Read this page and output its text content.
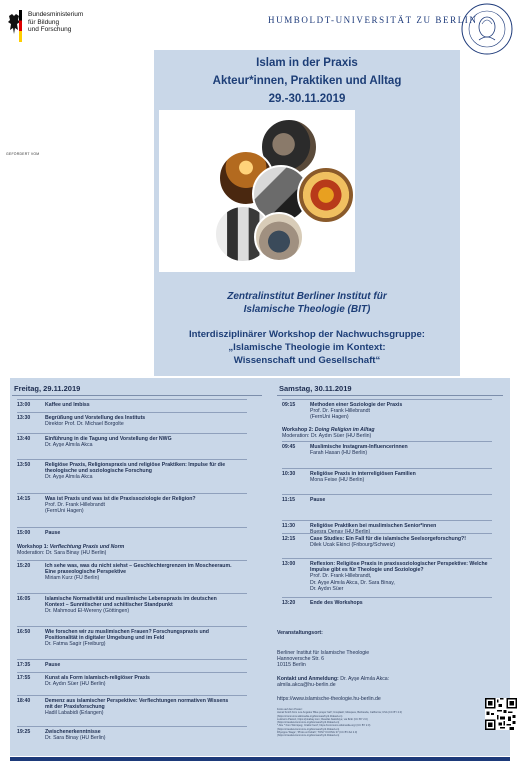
Bundesministerium
für Bildung
und Forschung
GEFÖRDERT VOM
HUMBOLDT-UNIVERSITÄT ZU BERLIN
Islam in der Praxis
Akteur*innen, Praktiken und Alltag
29.-30.11.2019
Zentralinstitut Berliner Institut für
Islamische Theologie (BIT)
Interdisziplinärer Workshop der Nachwuchsgruppe:
„Islamische Theologie im Kontext:
Wissenschaft und Gesellschaft“
Freitag, 29.11.2019	Samstag, 30.11.2019
13:00	Kaffee und Imbiss
13:30	Begrüßung und Vorstellung des Instituts
Direktor Prof. Dr. Michael Borgolte
13:40	Einführung in die Tagung und Vorstellung der NWG
Dr. Ayşe Almıla Akca
13:50	Religiöse Praxis, Religionspraxis und religiöse Praktiken: Impulse für die theologische und soziologische Forschung
Dr. Ayşe Almıla Akca
14:15	Was ist Praxis und was ist die Praxissoziologie der Religion?
Prof. Dr. Frank Hillebrandt
(FernUni Hagen)
15:00	Pause
15:20	Ich sehe was, was du nicht siehst – Geschlechtergrenzen im Moscheeraum. Eine praxeologische Perspektive
Miriam Kurz (FU Berlin)
16:05	Islamische Normativität und muslimische Lebenspraxis im deutschen Kontext – Sunnitischer und schiitischer Standpunkt
Dr. Mahmoud El-Wereny (Göttingen)
16:50	Wie forschen wir zu muslimischen Frauen? Forschungspraxis und Positionalität in digitaler Umgebung und im Feld
Dr. Fatma Sagir (Freiburg)
17:35	Pause
17:55	Kunst als Form islamisch-religiöser Praxis
Dr. Aydın Süer (HU Berlin)
18:40	Demenz aus islamischer Perspektive: Verflechtungen normativen Wissens mit der Praxisforschung
Hadil Lababidi (Erlangen)
19:25	Zwischenerkenntnisse
Dr. Sara Binay (HU Berlin)
09:15	Methoden einer Soziologie der Praxis
Prof. Dr. Frank Hillebrandt
(FernUni Hagen)
09:45	Muslimische Instagram-Influencerinnen
Farah Hasan (HU Berlin)
10:30	Religiöse Praxis in interreligiösen Familien
Mona Feise (HU Berlin)
11:15	Pause
11:30	Religiöse Praktiken bei muslimischen Senior*innen
Buesra Oenay (HU Berlin)
12:15	Case Studies: Ein Fall für die islamische Seelsorgeforschung?!
Dilek Ucak Ekinci (Fribourg/Schweiz)
13:00	Reflexion: Religiöse Praxis in praxissoziologischer Perspektive: Welche Impulse gibt es für Theologie und Soziologie?
Prof. Dr. Frank Hillebrandt,
Dr. Ayşe Almıla Akca, Dr. Sara Binay,
Dr. Aydın Süer
13:20	Ende des Workshops
Workshop 1: Verflechtung Praxis und Norm
Moderation: Dr. Sara Binay (HU Berlin)
Workshop 2: Doing Religion im Alltag
Moderation: Dr. Aydın Süer (HU Berlin)
Veranstaltungsort:
Berliner Institut für Islamische Theologie
Hannoversche Str. 6
10115 Berlin
Kontakt und Anmeldung: Dr. Ayşe Almıla Akca:
almila.akca@hu-berlin.de
https://www.islamische-theologie.hu-berlin.de
Fotos auf dem Poster:
Jamal Smith from Los Angeles 'Blue prayer hall'; Unsplash; Mosques, Bethesda, California; USA (CC BY 2.0)
(https://commons.wikimedia.org/licenses/by/2.0/deed.en)
Ludovico Pastori, https://pixabay.com; Rewdar Atatürkiye; via flickr (CC BY 2.0)
(https://creativecommons.org/licenses/by/2.0/deed.en)
* Abu * from Winnipeg; 'Arabic food'; https://commons.wikimedia.org/ (CC BY 2.0)
(https://creativecommons.org/licenses/by/2.0/deed.en)
Rhyoppa 'Stage'; 'Photo at Kubah'; TONY KUONG 37 (CC BY-SA 2.0)
(https://creativecommons.org/licenses/by/2.0/deed.en)
